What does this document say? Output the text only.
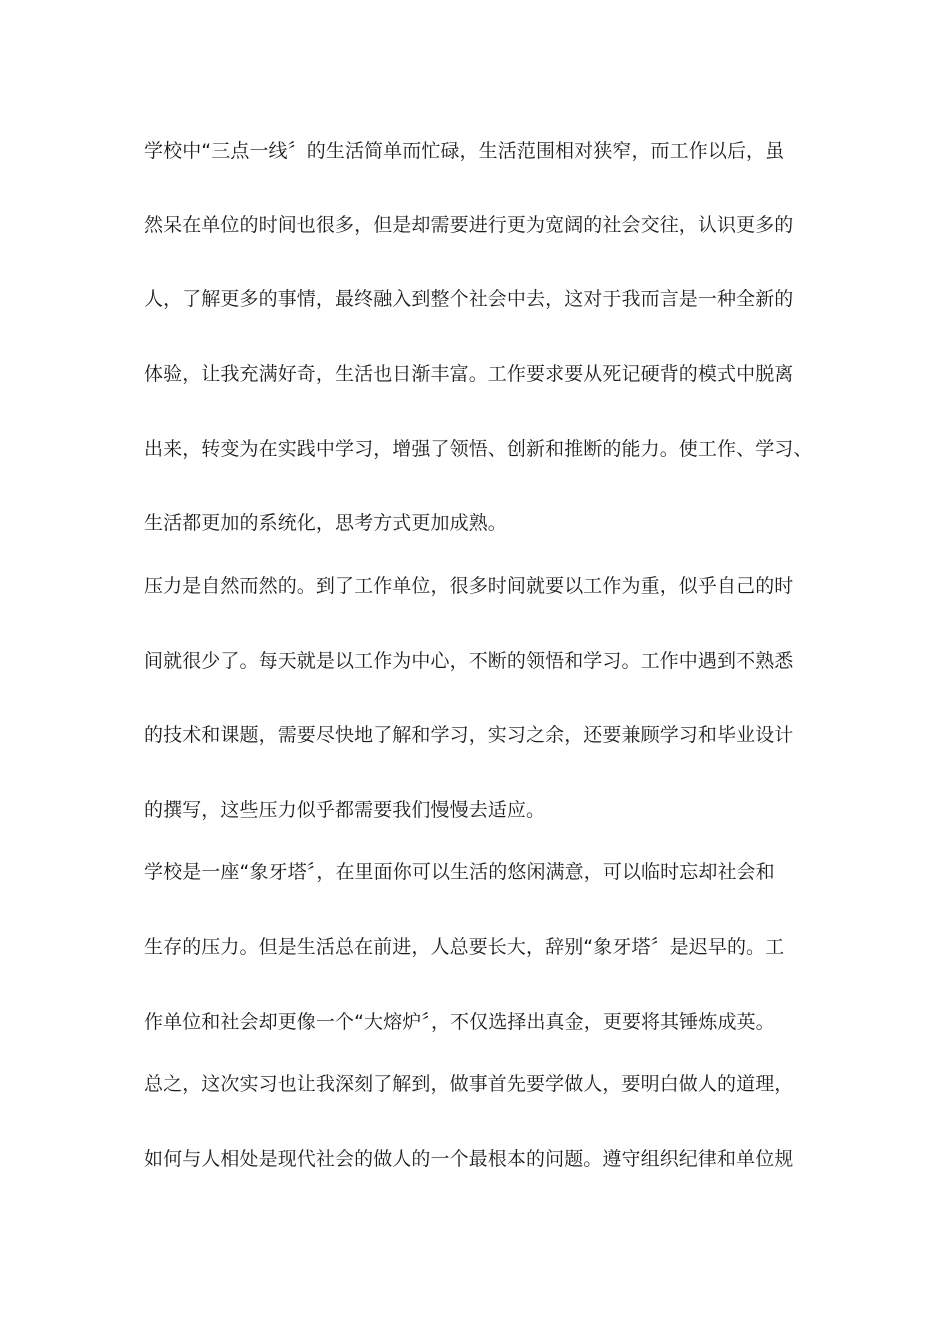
学校中“三点一线〞的生活简单而忙碌，生活范围相对狭窄，而工作以后，虽
然呆在单位的时间也很多，但是却需要进行更为宽阔的社会交往，认识更多的
人，了解更多的事情，最终融入到整个社会中去，这对于我而言是一种全新的
体验，让我充满好奇，生活也日渐丰富。工作要求要从死记硬背的模式中脱离
出来，转变为在实践中学习，增强了领悟、创新和推断的能力。使工作、学习、
生活都更加的系统化，思考方式更加成熟。
压力是自然而然的。到了工作单位，很多时间就要以工作为重，似乎自己的时
间就很少了。每天就是以工作为中心，不断的领悟和学习。工作中遇到不熟悉
的技术和课题，需要尽快地了解和学习，实习之余，还要兼顾学习和毕业设计
的撰写，这些压力似乎都需要我们慢慢去适应。
学校是一座“象牙塔〞，在里面你可以生活的悠闲满意，可以临时忘却社会和
生存的压力。但是生活总在前进，人总要长大，辞别“象牙塔〞是迟早的。工
作单位和社会却更像一个“大熔炉〞，不仅选择出真金，更要将其锤炼成英。
总之，这次实习也让我深刻了解到，做事首先要学做人，要明白做人的道理，
如何与人相处是现代社会的做人的一个最根本的问题。遵守组织纪律和单位规
